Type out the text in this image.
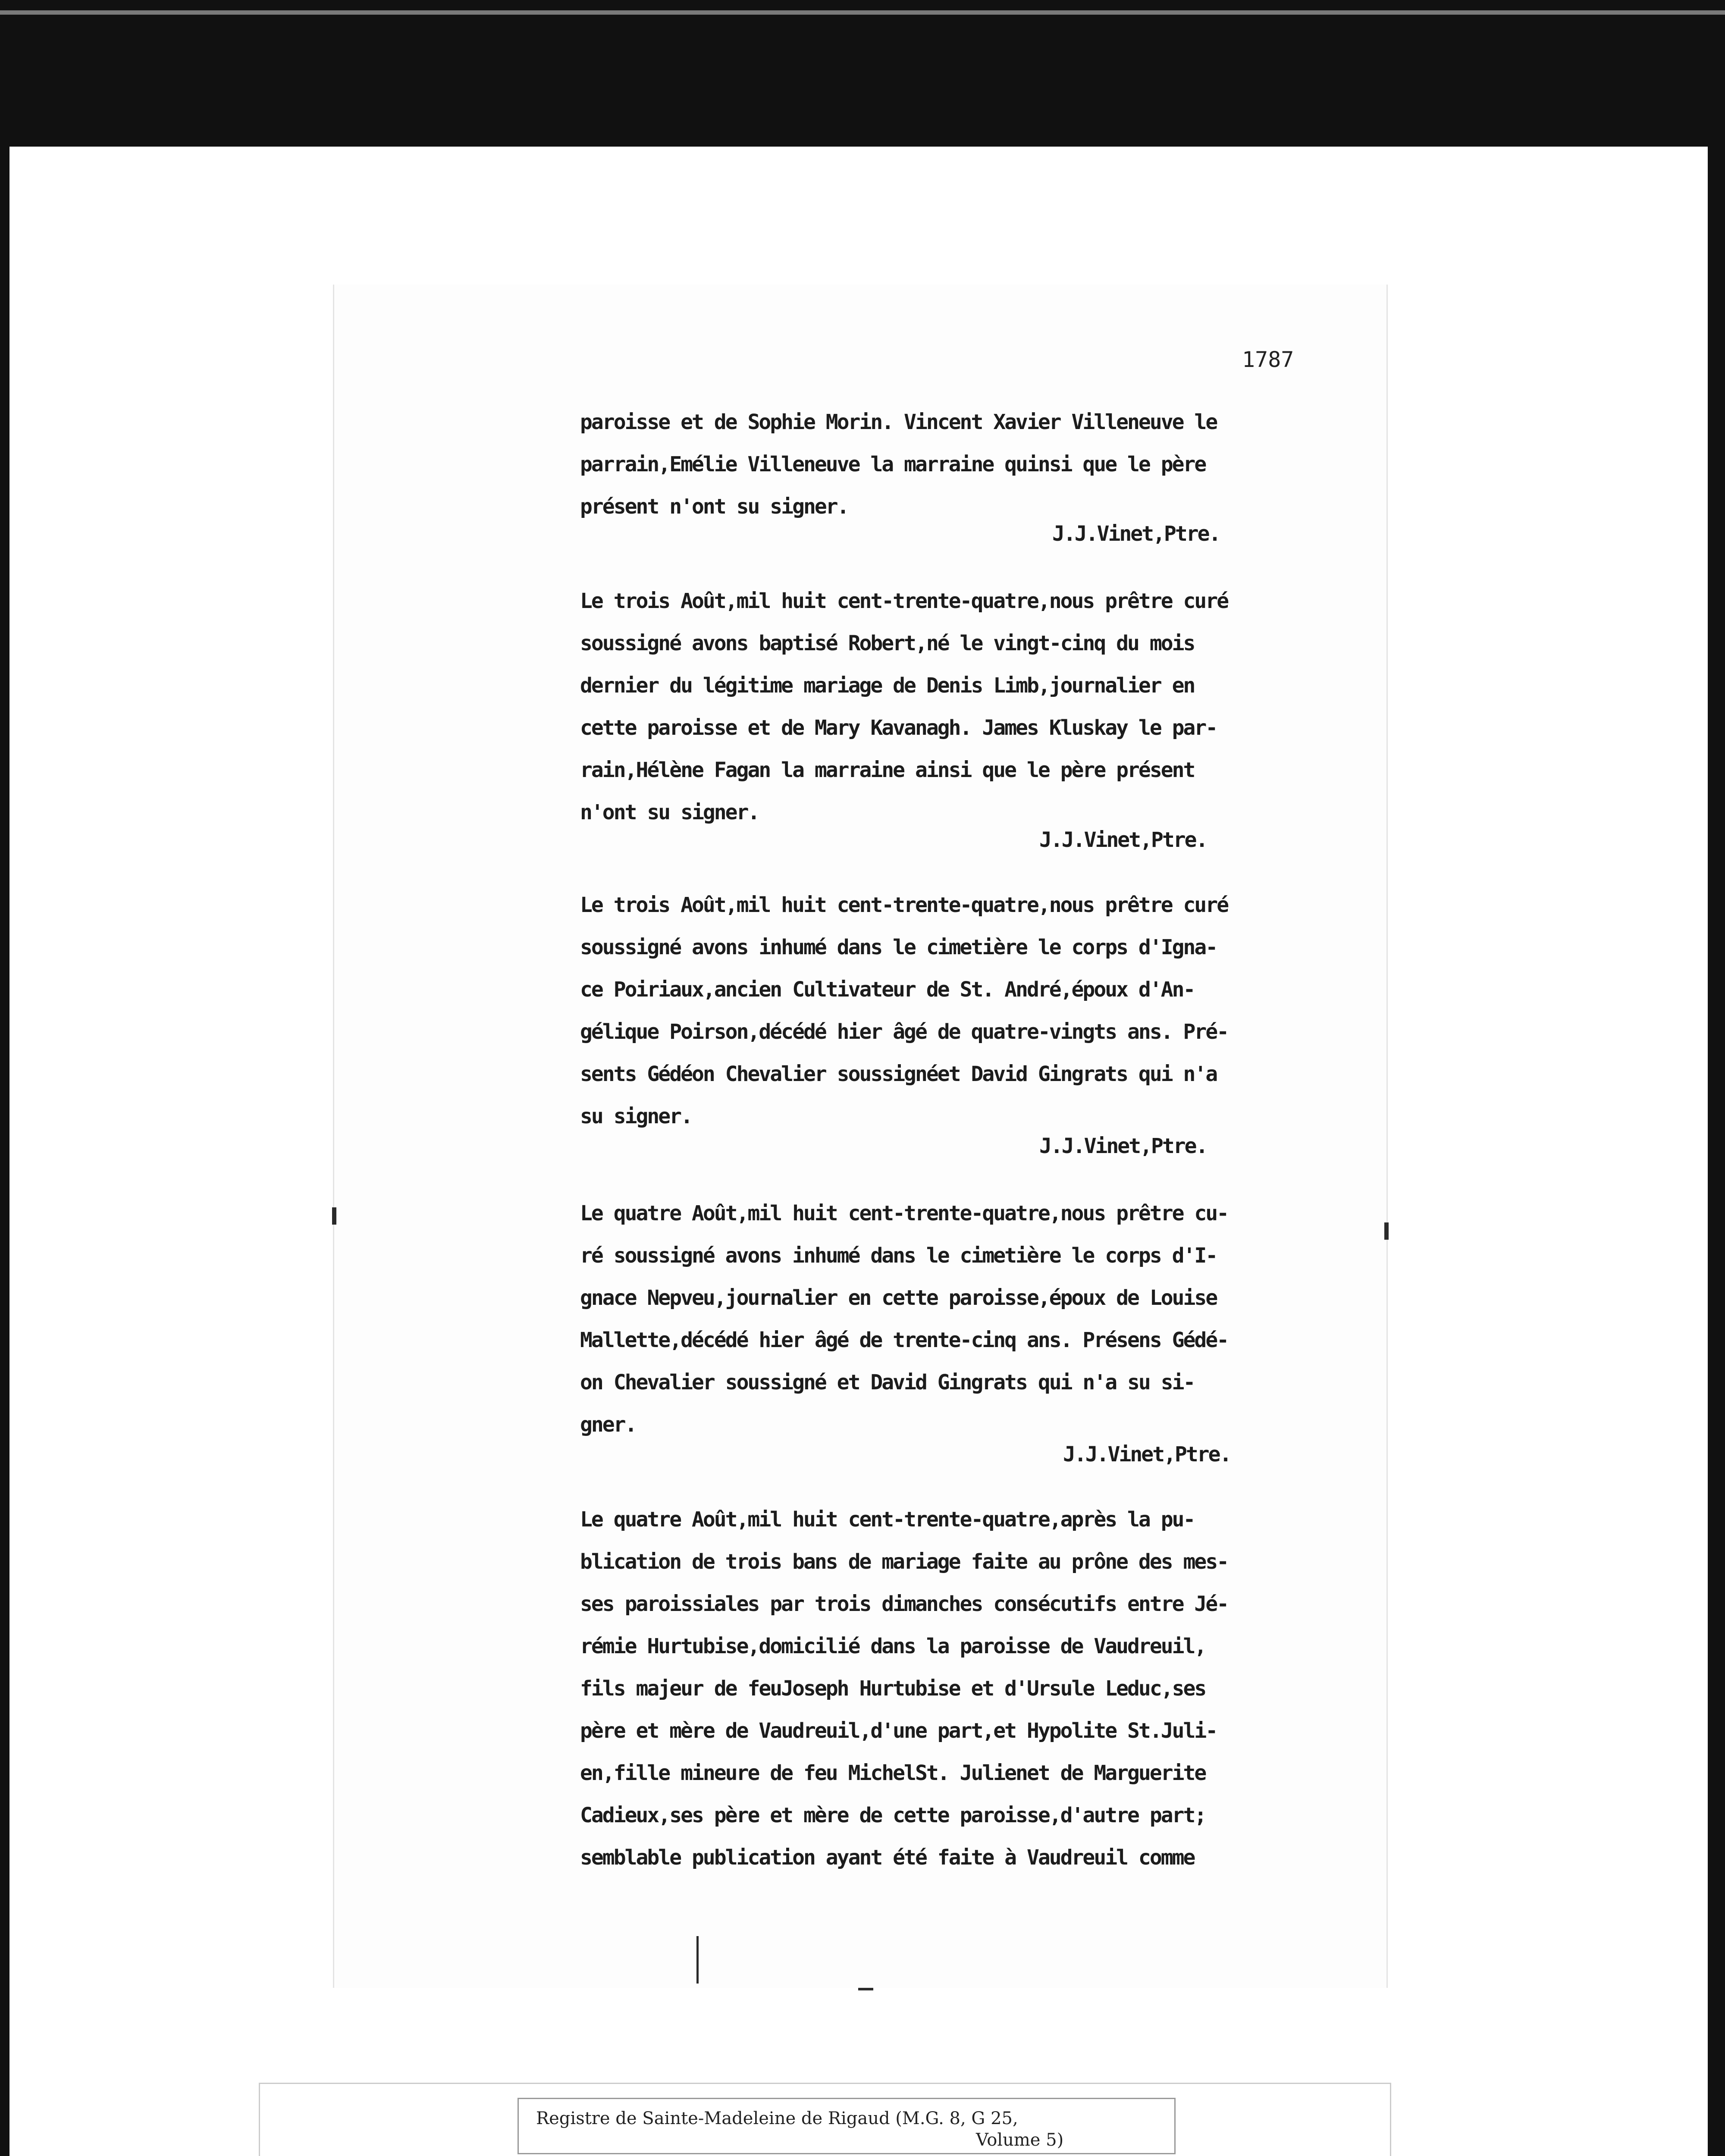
1787
paroisse et de Sophie Morin. Vincent Xavier Villeneuve le
parrain,Emélie Villeneuve la marraine quinsi que le père
présent n'ont su signer.
J.J.Vinet,Ptre.
Le trois Août,mil huit cent-trente-quatre,nous prêtre curé
soussigné avons baptisé Robert,né le vingt-cinq du mois
dernier du légitime mariage de Denis Limb,journalier en
cette paroisse et de Mary Kavanagh. James Kluskay le par-
rain,Hélène Fagan la marraine ainsi que le père présent
n'ont su signer.
J.J.Vinet,Ptre.
Le trois Août,mil huit cent-trente-quatre,nous prêtre curé
soussigné avons inhumé dans le cimetière le corps d'Igna-
ce Poiriaux,ancien Cultivateur de St. André,époux d'An-
gélique Poirson,décédé hier âgé de quatre-vingts ans. Pré-
sents Gédéon Chevalier soussignéet David Gingrats qui n'a
su signer.
J.J.Vinet,Ptre.
Le quatre Août,mil huit cent-trente-quatre,nous prêtre cu-
ré soussigné avons inhumé dans le cimetière le corps d'I-
gnace Nepveu,journalier en cette paroisse,époux de Louise
Mallette,décédé hier âgé de trente-cinq ans. Présens Gédé-
on Chevalier soussigné et David Gingrats qui n'a su si-
gner.
J.J.Vinet,Ptre.
Le quatre Août,mil huit cent-trente-quatre,après la pu-
blication de trois bans de mariage faite au prône des mes-
ses paroissiales par trois dimanches consécutifs entre Jé-
rémie Hurtubise,domicilié dans la paroisse de Vaudreuil,
fils majeur de feuJoseph Hurtubise et d'Ursule Leduc,ses
père et mère de Vaudreuil,d'une part,et Hypolite St.Juli-
en,fille mineure de feu MichelSt. Julienet de Marguerite
Cadieux,ses père et mère de cette paroisse,d'autre part;
semblable publication ayant été faite à Vaudreuil comme
Registre de Sainte-Madeleine de Rigaud (M.G. 8, G 25,
Volume 5)
